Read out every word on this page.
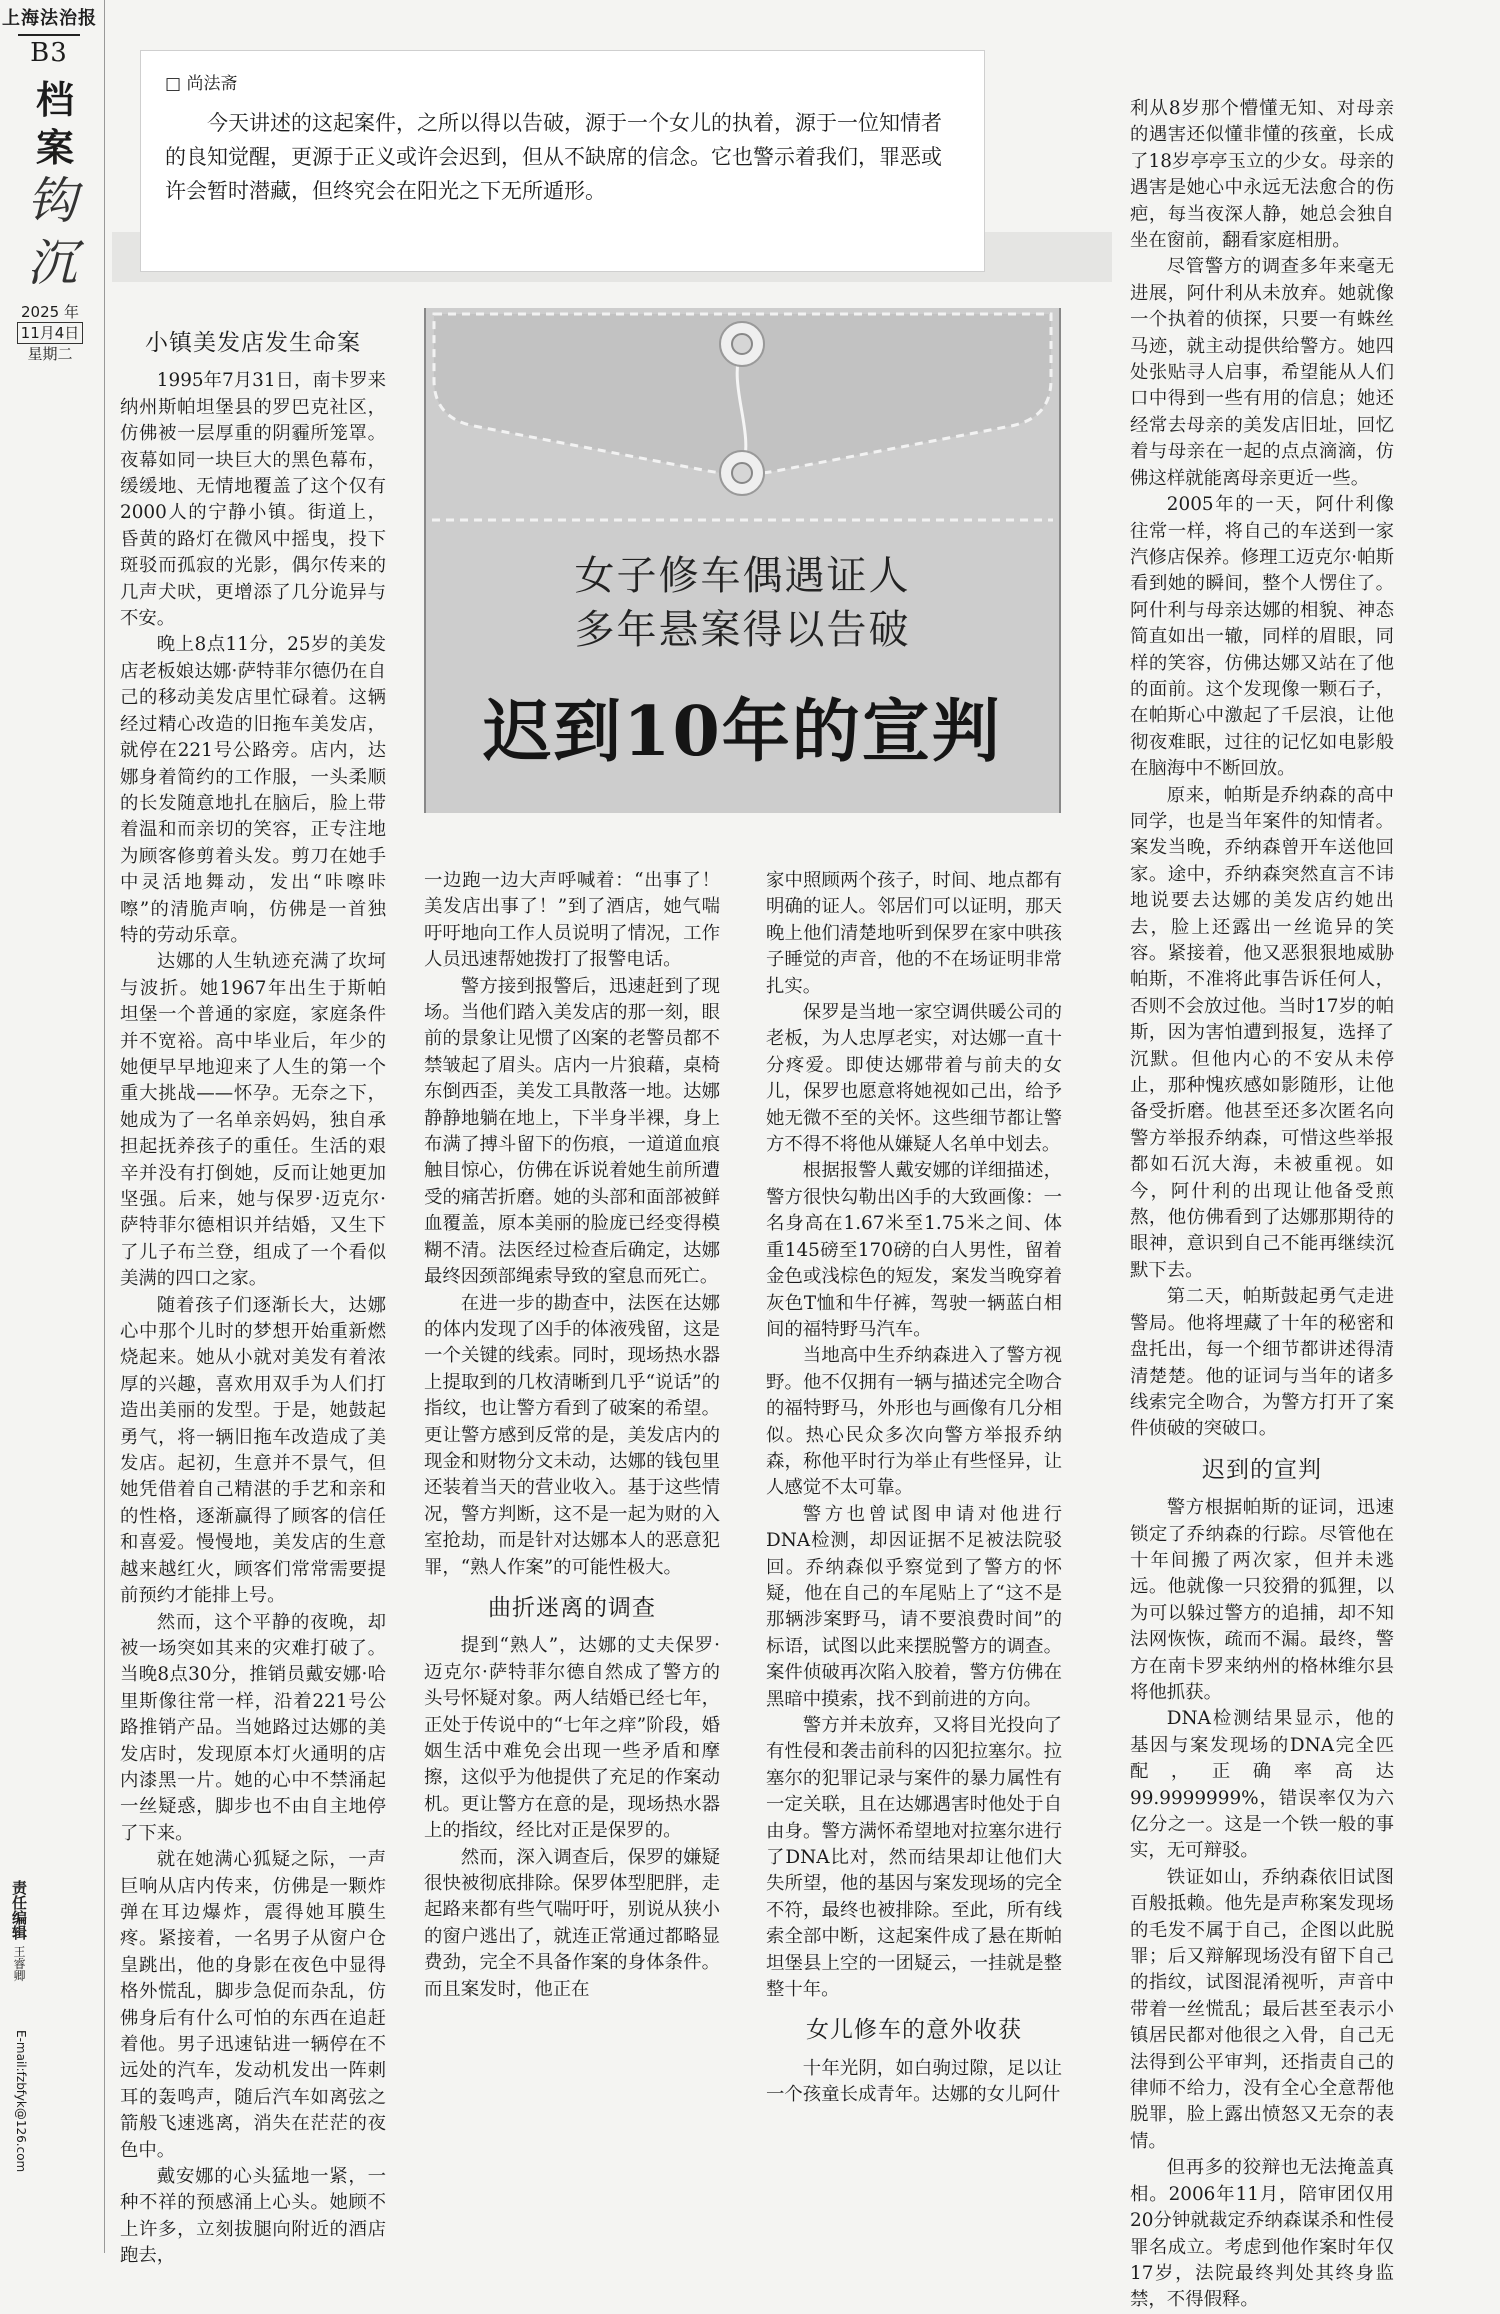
上海法治报
B3
档案
钩沉
2025 年
11月4日
星期二
责任编辑 王睿卿
E-mail:fzbfyk@126.com
□ 尚法斋

今天讲述的这起案件，之所以得以告破，源于一个女儿的执着，源于一位知情者的良知觉醒，更源于正义或许会迟到，但从不缺席的信念。它也警示着我们，罪恶或许会暂时潜藏，但终究会在阳光之下无所遁形。

女子修车偶遇证人
多年悬案得以告破
迟到10年的宣判
小镇美发店发生命案

1995年7月31日，南卡罗来纳州斯帕坦堡县的罗巴克社区，仿佛被一层厚重的阴霾所笼罩。夜幕如同一块巨大的黑色幕布，缓缓地、无情地覆盖了这个仅有2000人的宁静小镇。街道上，昏黄的路灯在微风中摇曳，投下斑驳而孤寂的光影，偶尔传来的几声犬吠，更增添了几分诡异与不安。

晚上8点11分，25岁的美发店老板娘达娜·萨特菲尔德仍在自己的移动美发店里忙碌着。这辆经过精心改造的旧拖车美发店，就停在221号公路旁。店内，达娜身着简约的工作服，一头柔顺的长发随意地扎在脑后，脸上带着温和而亲切的笑容，正专注地为顾客修剪着头发。剪刀在她手中灵活地舞动，发出“咔嚓咔嚓”的清脆声响，仿佛是一首独特的劳动乐章。

达娜的人生轨迹充满了坎坷与波折。她1967年出生于斯帕坦堡一个普通的家庭，家庭条件并不宽裕。高中毕业后，年少的她便早早地迎来了人生的第一个重大挑战——怀孕。无奈之下，她成为了一名单亲妈妈，独自承担起抚养孩子的重任。生活的艰辛并没有打倒她，反而让她更加坚强。后来，她与保罗·迈克尔·萨特菲尔德相识并结婚，又生下了儿子布兰登，组成了一个看似美满的四口之家。

随着孩子们逐渐长大，达娜心中那个儿时的梦想开始重新燃烧起来。她从小就对美发有着浓厚的兴趣，喜欢用双手为人们打造出美丽的发型。于是，她鼓起勇气，将一辆旧拖车改造成了美发店。起初，生意并不景气，但她凭借着自己精湛的手艺和亲和的性格，逐渐赢得了顾客的信任和喜爱。慢慢地，美发店的生意越来越红火，顾客们常常需要提前预约才能排上号。

然而，这个平静的夜晚，却被一场突如其来的灾难打破了。当晚8点30分，推销员戴安娜·哈里斯像往常一样，沿着221号公路推销产品。当她路过达娜的美发店时，发现原本灯火通明的店内漆黑一片。她的心中不禁涌起一丝疑惑，脚步也不由自主地停了下来。

就在她满心狐疑之际，一声巨响从店内传来，仿佛是一颗炸弹在耳边爆炸，震得她耳膜生疼。紧接着，一名男子从窗户仓皇跳出，他的身影在夜色中显得格外慌乱，脚步急促而杂乱，仿佛身后有什么可怕的东西在追赶着他。男子迅速钻进一辆停在不远处的汽车，发动机发出一阵刺耳的轰鸣声，随后汽车如离弦之箭般飞速逃离，消失在茫茫的夜色中。

戴安娜的心头猛地一紧，一种不祥的预感涌上心头。她顾不上许多，立刻拔腿向附近的酒店跑去，

一边跑一边大声呼喊着：“出事了！美发店出事了！”到了酒店，她气喘吁吁地向工作人员说明了情况，工作人员迅速帮她拨打了报警电话。

警方接到报警后，迅速赶到了现场。当他们踏入美发店的那一刻，眼前的景象让见惯了凶案的老警员都不禁皱起了眉头。店内一片狼藉，桌椅东倒西歪，美发工具散落一地。达娜静静地躺在地上，下半身半裸，身上布满了搏斗留下的伤痕，一道道血痕触目惊心，仿佛在诉说着她生前所遭受的痛苦折磨。她的头部和面部被鲜血覆盖，原本美丽的脸庞已经变得模糊不清。法医经过检查后确定，达娜最终因颈部绳索导致的窒息而死亡。

在进一步的勘查中，法医在达娜的体内发现了凶手的体液残留，这是一个关键的线索。同时，现场热水器上提取到的几枚清晰到几乎“说话”的指纹，也让警方看到了破案的希望。更让警方感到反常的是，美发店内的现金和财物分文未动，达娜的钱包里还装着当天的营业收入。基于这些情况，警方判断，这不是一起为财的入室抢劫，而是针对达娜本人的恶意犯罪，“熟人作案”的可能性极大。

曲折迷离的调查

提到“熟人”，达娜的丈夫保罗·迈克尔·萨特菲尔德自然成了警方的头号怀疑对象。两人结婚已经七年，正处于传说中的“七年之痒”阶段，婚姻生活中难免会出现一些矛盾和摩擦，这似乎为他提供了充足的作案动机。更让警方在意的是，现场热水器上的指纹，经比对正是保罗的。

然而，深入调查后，保罗的嫌疑很快被彻底排除。保罗体型肥胖，走起路来都有些气喘吁吁，别说从狭小的窗户逃出了，就连正常通过都略显费劲，完全不具备作案的身体条件。而且案发时，他正在

家中照顾两个孩子，时间、地点都有明确的证人。邻居们可以证明，那天晚上他们清楚地听到保罗在家中哄孩子睡觉的声音，他的不在场证明非常扎实。

保罗是当地一家空调供暖公司的老板，为人忠厚老实，对达娜一直十分疼爱。即使达娜带着与前夫的女儿，保罗也愿意将她视如己出，给予她无微不至的关怀。这些细节都让警方不得不将他从嫌疑人名单中划去。

根据报警人戴安娜的详细描述，警方很快勾勒出凶手的大致画像：一名身高在1.67米至1.75米之间、体重145磅至170磅的白人男性，留着金色或浅棕色的短发，案发当晚穿着灰色T恤和牛仔裤，驾驶一辆蓝白相间的福特野马汽车。

当地高中生乔纳森进入了警方视野。他不仅拥有一辆与描述完全吻合的福特野马，外形也与画像有几分相似。热心民众多次向警方举报乔纳森，称他平时行为举止有些怪异，让人感觉不太可靠。

警方也曾试图申请对他进行DNA检测，却因证据不足被法院驳回。乔纳森似乎察觉到了警方的怀疑，他在自己的车尾贴上了“这不是那辆涉案野马，请不要浪费时间”的标语，试图以此来摆脱警方的调查。案件侦破再次陷入胶着，警方仿佛在黑暗中摸索，找不到前进的方向。

警方并未放弃，又将目光投向了有性侵和袭击前科的囚犯拉塞尔。拉塞尔的犯罪记录与案件的暴力属性有一定关联，且在达娜遇害时他处于自由身。警方满怀希望地对拉塞尔进行了DNA比对，然而结果却让他们大失所望，他的基因与案发现场的完全不符，最终也被排除。至此，所有线索全部中断，这起案件成了悬在斯帕坦堡县上空的一团疑云，一挂就是整整十年。

女儿修车的意外收获

十年光阴，如白驹过隙，足以让一个孩童长成青年。达娜的女儿阿什

利从8岁那个懵懂无知、对母亲的遇害还似懂非懂的孩童，长成了18岁亭亭玉立的少女。母亲的遇害是她心中永远无法愈合的伤疤，每当夜深人静，她总会独自坐在窗前，翻看家庭相册。

尽管警方的调查多年来毫无进展，阿什利从未放弃。她就像一个执着的侦探，只要一有蛛丝马迹，就主动提供给警方。她四处张贴寻人启事，希望能从人们口中得到一些有用的信息；她还经常去母亲的美发店旧址，回忆着与母亲在一起的点点滴滴，仿佛这样就能离母亲更近一些。

2005年的一天，阿什利像往常一样，将自己的车送到一家汽修店保养。修理工迈克尔·帕斯看到她的瞬间，整个人愣住了。阿什利与母亲达娜的相貌、神态简直如出一辙，同样的眉眼，同样的笑容，仿佛达娜又站在了他的面前。这个发现像一颗石子，在帕斯心中激起了千层浪，让他彻夜难眠，过往的记忆如电影般在脑海中不断回放。

原来，帕斯是乔纳森的高中同学，也是当年案件的知情者。案发当晚，乔纳森曾开车送他回家。途中，乔纳森突然直言不讳地说要去达娜的美发店约她出去，脸上还露出一丝诡异的笑容。紧接着，他又恶狠狠地威胁帕斯，不准将此事告诉任何人，否则不会放过他。当时17岁的帕斯，因为害怕遭到报复，选择了沉默。但他内心的不安从未停止，那种愧疚感如影随形，让他备受折磨。他甚至还多次匿名向警方举报乔纳森，可惜这些举报都如石沉大海，未被重视。如今，阿什利的出现让他备受煎熬，他仿佛看到了达娜那期待的眼神，意识到自己不能再继续沉默下去。

第二天，帕斯鼓起勇气走进警局。他将埋藏了十年的秘密和盘托出，每一个细节都讲述得清清楚楚。他的证词与当年的诸多线索完全吻合，为警方打开了案件侦破的突破口。

迟到的宣判

警方根据帕斯的证词，迅速锁定了乔纳森的行踪。尽管他在十年间搬了两次家，但并未逃远。他就像一只狡猾的狐狸，以为可以躲过警方的追捕，却不知法网恢恢，疏而不漏。最终，警方在南卡罗来纳州的格林维尔县将他抓获。

DNA检测结果显示，他的基因与案发现场的DNA完全匹配，正确率高达99.9999999%，错误率仅为六亿分之一。这是一个铁一般的事实，无可辩驳。

铁证如山，乔纳森依旧试图百般抵赖。他先是声称案发现场的毛发不属于自己，企图以此脱罪；后又辩解现场没有留下自己的指纹，试图混淆视听，声音中带着一丝慌乱；最后甚至表示小镇居民都对他很之入骨，自己无法得到公平审判，还指责自己的律师不给力，没有全心全意帮他脱罪，脸上露出愤怒又无奈的表情。

但再多的狡辩也无法掩盖真相。2006年11月，陪审团仅用20分钟就裁定乔纳森谋杀和性侵罪名成立。考虑到他作案时年仅17岁，法院最终判处其终身监禁，不得假释。
